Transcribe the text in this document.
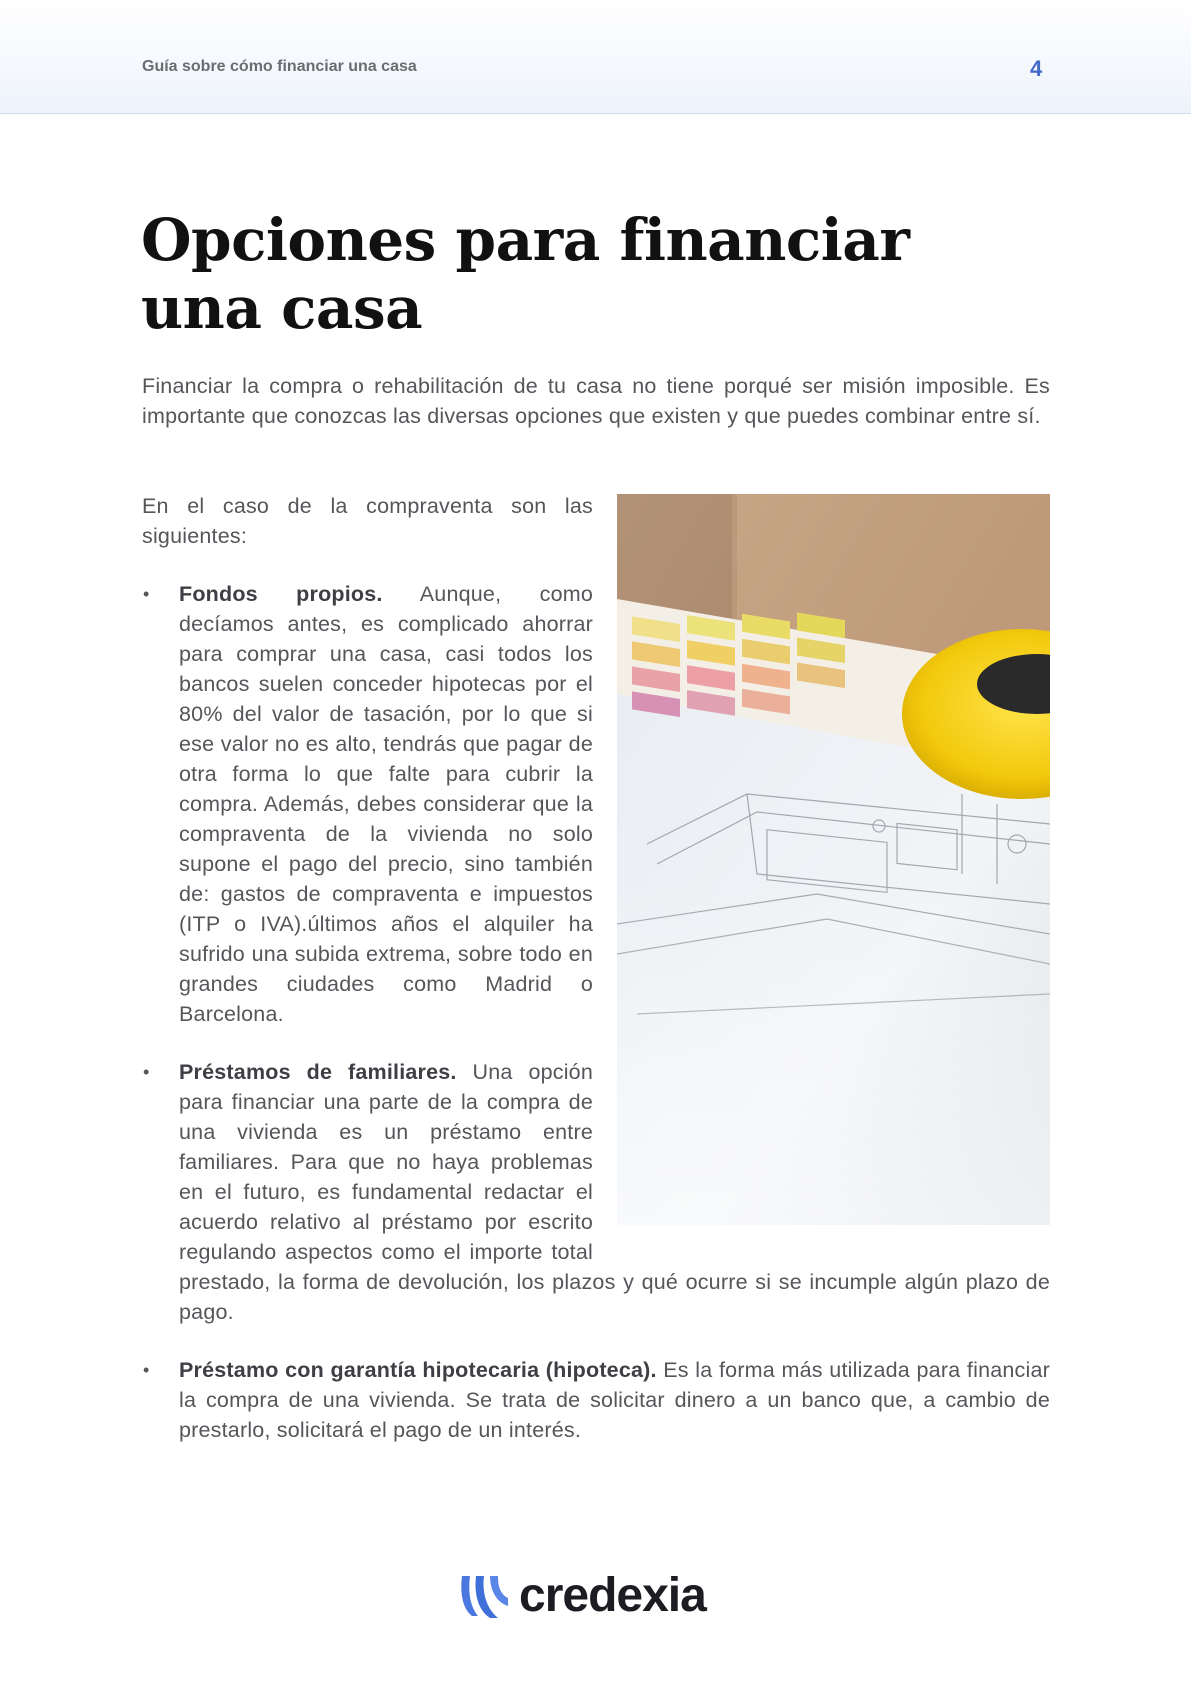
Guía sobre cómo financiar una casa	4
Opciones para financiar una casa

Financiar la compra o rehabilitación de tu casa no tiene porqué ser misión imposible. Es importante que conozcas las diversas opciones que existen y que puedes combinar entre sí.

En el caso de la compraventa son las siguientes:

• Fondos propios. Aunque, como decíamos antes, es complicado ahorrar para comprar una casa, casi todos los bancos suelen conceder hipotecas por el 80% del valor de tasación, por lo que si ese valor no es alto, tendrás que pagar de otra forma lo que falte para cubrir la compra. Además, debes considerar que la compraventa de la vivienda no solo supone el pago del precio, sino también de: gastos de compraventa e impuestos (ITP o IVA).últimos años el alquiler ha sufrido una subida extrema, sobre todo en grandes ciudades como Madrid o Barcelona.
• Préstamos de familiares. Una opción para financiar una parte de la compra de una vivienda es un préstamo entre familiares. Para que no haya problemas en el futuro, es fundamental redactar el acuerdo relativo al préstamo por escrito regulando aspectos como el importe total prestado, la forma de devolución, los plazos y qué ocurre si se incumple algún plazo de pago.
• Préstamo con garantía hipotecaria (hipoteca). Es la forma más utilizada para financiar la compra de una vivienda. Se trata de solicitar dinero a un banco que, a cambio de prestarlo, solicitará el pago de un interés.
credexia
